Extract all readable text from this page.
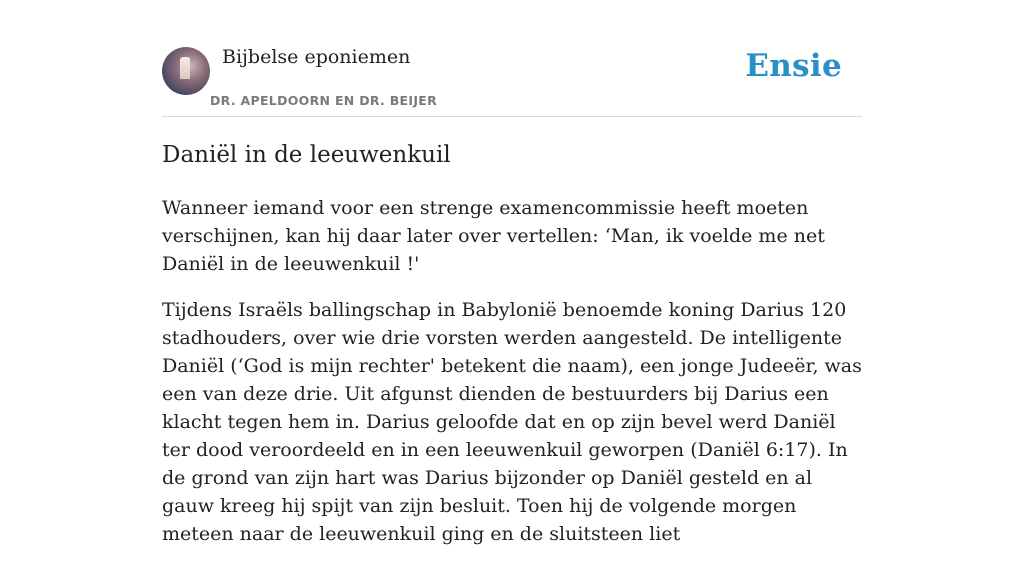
Bijbelse eponiemen
DR. APELDOORN EN DR. BEIJER
Ensie
Daniël in de leeuwenkuil

Wanneer iemand voor een strenge examencommissie heeft moeten verschijnen, kan hij daar later over vertellen: ‘Man, ik voelde me net Daniël in de leeuwenkuil !'

Tijdens Israëls ballingschap in Babylonië benoemde koning Darius 120 stadhouders, over wie drie vorsten werden aangesteld. De intelligente Daniël (‘God is mijn rechter' betekent die naam), een jonge Judeeër, was een van deze drie. Uit afgunst dienden de bestuurders bij Darius een klacht tegen hem in. Darius geloofde dat en op zijn bevel werd Daniël ter dood veroordeeld en in een leeuwenkuil geworpen (Daniël 6:17). In de grond van zijn hart was Darius bijzonder op Daniël gesteld en al gauw kreeg hij spijt van zijn besluit. Toen hij de volgende morgen meteen naar de leeuwenkuil ging en de sluitsteen liet
